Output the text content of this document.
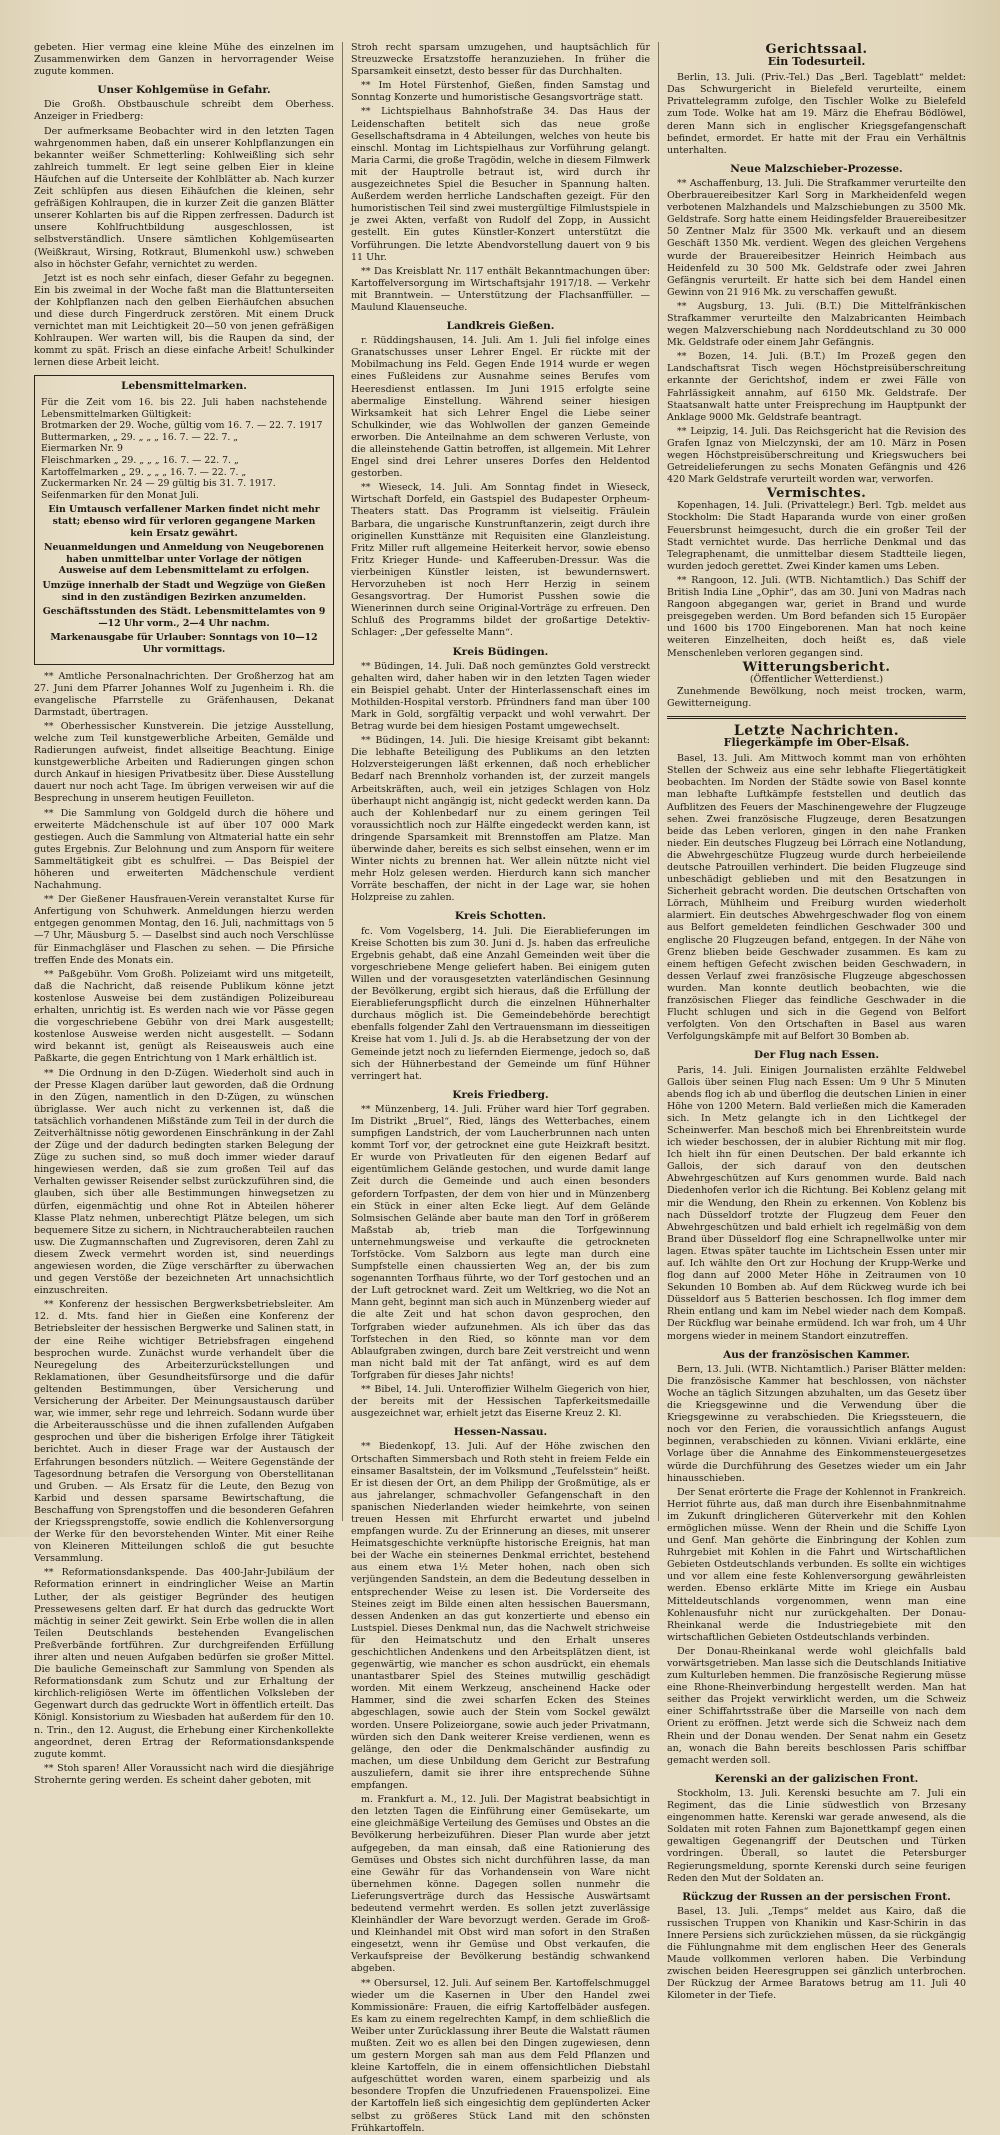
gebeten. Hier vermag eine kleine Mühe des einzelnen im Zusammenwirken dem Ganzen in hervorragender Weise zugute kommen.

Unser Kohlgemüse in Gefahr.

Die Großh. Obstbauschule schreibt dem Oberhess. Anzeiger in Friedberg:

Der aufmerksame Beobachter wird in den letzten Tagen wahrgenommen haben, daß ein unserer Kohlpflanzungen ein bekannter weißer Schmetterling: Kohlweißling sich sehr zahlreich tummelt. Er legt seine gelben Eier in kleine Häufchen auf die Unterseite der Kohlblätter ab. Nach kurzer Zeit schlüpfen aus diesen Eihäufchen die kleinen, sehr gefräßigen Kohlraupen, die in kurzer Zeit die ganzen Blätter unserer Kohlarten bis auf die Rippen zerfressen. Dadurch ist unsere Kohlfruchtbildung ausgeschlossen, ist selbstverständlich. Unsere sämtlichen Kohlgemüsearten (Weißkraut, Wirsing, Rotkraut, Blumenkohl usw.) schweben also in höchster Gefahr, vernichtet zu werden.

Jetzt ist es noch sehr einfach, dieser Gefahr zu begegnen. Ein bis zweimal in der Woche faßt man die Blattunterseiten der Kohlpflanzen nach den gelben Eierhäufchen absuchen und diese durch Fingerdruck zerstören. Mit einem Druck vernichtet man mit Leichtigkeit 20—50 von jenen gefräßigen Kohlraupen. Wer warten will, bis die Raupen da sind, der kommt zu spät. Frisch an diese einfache Arbeit! Schulkinder lernen diese Arbeit leicht.

Lebensmittelmarken.
Für die Zeit vom 16. bis 22. Juli haben nachstehende Lebensmittelmarken Gültigkeit:
Brotmarken der 29. Woche, gültig vom 16. 7. — 22. 7. 1917
Buttermarken, „ 29. „ „ „ 16. 7. — 22. 7. „
Eiermarken Nr. 9
Fleischmarken „ 29. „ „ „ 16. 7. — 22. 7. „
Kartoffelmarken „ 29. „ „ „ 16. 7. — 22. 7. „
Zuckermarken Nr. 24 — 29 gültig bis 31. 7. 1917.
Seifenmarken für den Monat Juli.
Ein Umtausch verfallener Marken findet nicht mehr statt; ebenso wird für verloren gegangene Marken kein Ersatz gewährt.
Neuanmeldungen und Anmeldung von Neugeborenen haben unmittelbar unter Vorlage der nötigen Ausweise auf dem Lebensmittelamt zu erfolgen.
Umzüge innerhalb der Stadt und Wegzüge von Gießen sind in den zuständigen Bezirken anzumelden.
Geschäftsstunden des Städt. Lebensmittelamtes von 9—12 Uhr vorm., 2—4 Uhr nachm.
Markenausgabe für Urlauber: Sonntags von 10—12 Uhr vormittags.

** Amtliche Personalnachrichten. Der Großherzog hat am 27. Juni dem Pfarrer Johannes Wolf zu Jugenheim i. Rh. die evangelische Pfarrstelle zu Gräfenhausen, Dekanat Darmstadt, übertragen.

** Oberhessischer Kunstverein. Die jetzige Ausstellung, welche zum Teil kunstgewerbliche Arbeiten, Gemälde und Radierungen aufweist, findet allseitige Beachtung. Einige kunstgewerbliche Arbeiten und Radierungen gingen schon durch Ankauf in hiesigen Privatbesitz über. Diese Ausstellung dauert nur noch acht Tage. Im übrigen verweisen wir auf die Besprechung in unserem heutigen Feuilleton.

** Die Sammlung von Goldgeld durch die höhere und erweiterte Mädchenschule ist auf über 107 000 Mark gestiegen. Auch die Sammlung von Altmaterial hatte ein sehr gutes Ergebnis. Zur Belohnung und zum Ansporn für weitere Sammeltätigkeit gibt es schulfrei. — Das Beispiel der höheren und erweiterten Mädchenschule verdient Nachahmung.

** Der Gießener Hausfrauen-Verein veranstaltet Kurse für Anfertigung von Schuhwerk. Anmeldungen hierzu werden entgegen genommen Montag, den 16. Juli, nachmittags von 5—7 Uhr, Mäusburg 5. — Daselbst sind auch noch Verschlüsse für Einmachgläser und Flaschen zu sehen. — Die Pfirsiche treffen Ende des Monats ein.

** Paßgebühr. Vom Großh. Polizeiamt wird uns mitgeteilt, daß die Nachricht, daß reisende Publikum könne jetzt kostenlose Ausweise bei dem zuständigen Polizeibureau erhalten, unrichtig ist. Es werden nach wie vor Pässe gegen die vorgeschriebene Gebühr von drei Mark ausgestellt; kostenlose Ausweise werden nicht ausgestellt. — Sodann wird bekannt ist, genügt als Reiseausweis auch eine Paßkarte, die gegen Entrichtung von 1 Mark erhältlich ist.

** Die Ordnung in den D-Zügen. Wiederholt sind auch in der Presse Klagen darüber laut geworden, daß die Ordnung in den Zügen, namentlich in den D-Zügen, zu wünschen übriglasse. Wer auch nicht zu verkennen ist, daß die tatsächlich vorhandenen Mißstände zum Teil in der durch die Zeitverhältnisse nötig gewordenen Einschränkung in der Zahl der Züge und der dadurch bedingten starken Belegung der Züge zu suchen sind, so muß doch immer wieder darauf hingewiesen werden, daß sie zum großen Teil auf das Verhalten gewisser Reisender selbst zurückzuführen sind, die glauben, sich über alle Bestimmungen hinwegsetzen zu dürfen, eigenmächtig und ohne Rot in Abteilen höherer Klasse Platz nehmen, unberechtigt Plätze belegen, um sich bequemere Sitze zu sichern, in Nichtraucherabteilen rauchen usw. Die Zugmannschaften und Zugrevisoren, deren Zahl zu diesem Zweck vermehrt worden ist, sind neuerdings angewiesen worden, die Züge verschärfter zu überwachen und gegen Verstöße der bezeichneten Art unnachsichtlich einzuschreiten.

** Konferenz der hessischen Bergwerksbetriebsleiter. Am 12. d. Mts. fand hier in Gießen eine Konferenz der Betriebsleiter der hessischen Bergwerke und Salinen statt, in der eine Reihe wichtiger Betriebsfragen eingehend besprochen wurde. Zunächst wurde verhandelt über die Neuregelung des Arbeiterzurückstellungen und Reklamationen, über Gesundheitsfürsorge und die dafür geltenden Bestimmungen, über Versicherung und Versicherung der Arbeiter. Der Meinungsaustausch darüber war, wie immer, sehr rege und lehrreich. Sodann wurde über die Arbeiterausschüsse und die ihnen zufallenden Aufgaben gesprochen und über die bisherigen Erfolge ihrer Tätigkeit berichtet. Auch in dieser Frage war der Austausch der Erfahrungen besonders nützlich. — Weitere Gegenstände der Tagesordnung betrafen die Versorgung von Oberstellitanan und Gruben. — Als Ersatz für die Leute, den Bezug von Karbid und dessen sparsame Bewirtschaftung, die Beschaffung von Sprengstoffen und die besonderen Gefahren der Kriegssprengstoffe, sowie endlich die Kohlenversorgung der Werke für den bevorstehenden Winter. Mit einer Reihe von Kleineren Mitteilungen schloß die gut besuchte Versammlung.

** Reformationsdankspende. Das 400-Jahr-Jubiläum der Reformation erinnert in eindringlicher Weise an Martin Luther, der als geistiger Begründer des heutigen Pressewesens gelten darf. Er hat durch das gedruckte Wort mächtig in seiner Zeit gewirkt. Sein Erbe wollen die in allen Teilen Deutschlands bestehenden Evangelischen Preßverbände fortführen. Zur durchgreifenden Erfüllung ihrer alten und neuen Aufgaben bedürfen sie großer Mittel. Die bauliche Gemeinschaft zur Sammlung von Spenden als Reformationsdank zum Schutz und zur Erhaltung der kirchlich-religiösen Werte im öffentlichen Volksleben der Gegenwart durch das gedruckte Wort in öffentlich erteilt. Das Königl. Konsistorium zu Wiesbaden hat außerdem für den 10. n. Trin., den 12. August, die Erhebung einer Kirchenkollekte angeordnet, deren Ertrag der Reformationsdankspende zugute kommt.

** Stoh sparen! Aller Voraussicht nach wird die diesjährige Strohernte gering werden. Es scheint daher geboten, mit

Stroh recht sparsam umzugehen, und hauptsächlich für Streuzwecke Ersatzstoffe heranzuziehen. In früher die Sparsamkeit einsetzt, desto besser für das Durchhalten.

** Im Hotel Fürstenhof, Gießen, finden Samstag und Sonntag Konzerte und humoristische Gesangsvorträge statt.

** Lichtspielhaus Bahnhofstraße 34. Das Haus der Leidenschaften betitelt sich das neue große Gesellschaftsdrama in 4 Abteilungen, welches von heute bis einschl. Montag im Lichtspielhaus zur Vorführung gelangt. Maria Carmi, die große Tragödin, welche in diesem Filmwerk mit der Hauptrolle betraut ist, wird durch ihr ausgezeichnetes Spiel die Besucher in Spannung halten. Außerdem werden herrliche Landschaften gezeigt. Für den humoristischen Teil sind zwei mustergültige Filmlustspiele in je zwei Akten, verfaßt von Rudolf del Zopp, in Aussicht gestellt. Ein gutes Künstler-Konzert unterstützt die Vorführungen. Die letzte Abendvorstellung dauert von 9 bis 11 Uhr.

** Das Kreisblatt Nr. 117 enthält Bekanntmachungen über: Kartoffelversorgung im Wirtschaftsjahr 1917/18. — Verkehr mit Branntwein. — Unterstützung der Flachsanffüller. — Maulund Klauenseuche.

Landkreis Gießen.

r. Rüddingshausen, 14. Juli. Am 1. Juli fiel infolge eines Granatschusses unser Lehrer Engel. Er rückte mit der Mobilmachung ins Feld. Gegen Ende 1914 wurde er wegen eines Fußleidens zur Ausnahme seines Berufes vom Heeresdienst entlassen. Im Juni 1915 erfolgte seine abermalige Einstellung. Während seiner hiesigen Wirksamkeit hat sich Lehrer Engel die Liebe seiner Schulkinder, wie das Wohlwollen der ganzen Gemeinde erworben. Die Anteilnahme an dem schweren Verluste, von die alleinstehende Gattin betroffen, ist allgemein. Mit Lehrer Engel sind drei Lehrer unseres Dorfes den Heldentod gestorben.

** Wieseck, 14. Juli. Am Sonntag findet in Wieseck, Wirtschaft Dorfeld, ein Gastspiel des Budapester Orpheum-Theaters statt. Das Programm ist vielseitig. Fräulein Barbara, die ungarische Kunstrunftanzerin, zeigt durch ihre originellen Kunsttänze mit Requisiten eine Glanzleistung. Fritz Miller ruft allgemeine Heiterkeit hervor, sowie ebenso Fritz Krieger Hunde- und Kaffeeruben-Dressur. Was die vierbeinigen Künstler leisten, ist bewundernswert. Hervorzuheben ist noch Herr Herzig in seinem Gesangsvortrag. Der Humorist Pusshen sowie die Wienerinnen durch seine Original-Vorträge zu erfreuen. Den Schluß des Programms bildet der großartige Detektiv-Schlager: „Der gefesselte Mann“.

Kreis Büdingen.

** Büdingen, 14. Juli. Daß noch gemünztes Gold verstreckt gehalten wird, daher haben wir in den letzten Tagen wieder ein Beispiel gehabt. Unter der Hinterlassenschaft eines im Mothilden-Hospital verstorb. Pfründners fand man über 100 Mark in Gold, sorgfältig verpackt und wohl verwahrt. Der Betrag wurde bei dem hiesigen Postamt umgewechselt.

** Büdingen, 14. Juli. Die hiesige Kreisamt gibt bekannt: Die lebhafte Beteiligung des Publikums an den letzten Holzversteigerungen läßt erkennen, daß noch erheblicher Bedarf nach Brennholz vorhanden ist, der zurzeit mangels Arbeitskräften, auch, weil ein jetziges Schlagen von Holz überhaupt nicht angängig ist, nicht gedeckt werden kann. Da auch der Kohlenbedarf nur zu einem geringen Teil voraussichtlich noch zur Hälfte eingedeckt werden kann, ist dringende Sparsamkeit mit Brennstoffen am Platze. Man überwinde daher, bereits es sich selbst einsehen, wenn er im Winter nichts zu brennen hat. Wer allein nützte nicht viel mehr Holz gelesen werden. Hierdurch kann sich mancher Vorräte beschaffen, der nicht in der Lage war, sie hohen Holzpreise zu zahlen.

Kreis Schotten.

fc. Vom Vogelsberg, 14. Juli. Die Eierablieferungen im Kreise Schotten bis zum 30. Juni d. Js. haben das erfreuliche Ergebnis gehabt, daß eine Anzahl Gemeinden weit über die vorgeschriebene Menge geliefert haben. Bei einigem guten Willen und der vorausgesetzten vaterländischen Gesinnung der Bevölkerung, ergibt sich hieraus, daß die Erfüllung der Eierablieferungspflicht durch die einzelnen Hühnerhalter durchaus möglich ist. Die Gemeindebehörde berechtigt ebenfalls folgender Zahl den Vertrauensmann im diesseitigen Kreise hat vom 1. Juli d. Js. ab die Herabsetzung der von der Gemeinde jetzt noch zu liefernden Eiermenge, jedoch so, daß sich der Hühnerbestand der Gemeinde um fünf Hühner verringert hat.

Kreis Friedberg.

** Münzenberg, 14. Juli. Früher ward hier Torf gegraben. Im Distrikt „Bruel“, Ried, längs des Wetterbaches, einem sumpfigen Landstrich, der vom Laucherbrunnen nach unten kommt Torf vor, der getrocknet eine gute Heizkraft besitzt. Er wurde von Privatleuten für den eigenen Bedarf auf eigentümlichem Gelände gestochen, und wurde damit lange Zeit durch die Gemeinde und auch einen besonders gefordern Torfpasten, der dem von hier und in Münzenberg ein Stück in einer alten Ecke liegt. Auf dem Gelände Solmsischen Gelände aber baute man den Torf in größerem Maßstab ab, trieb man die Torfgewinnung unternehmungsweise und verkaufte die getrockneten Torfstöcke. Vom Salzborn aus legte man durch eine Sumpfstelle einen chaussierten Weg an, der bis zum sogenannten Torfhaus führte, wo der Torf gestochen und an der Luft getrocknet ward. Zeit um Weltkrieg, wo die Not an Mann geht, beginnt man sich auch in Münzenberg wieder auf die alte Zeit und hat schon davon gesprochen, den Torfgraben wieder aufzunehmen. Als ich über das das Torfstechen in den Ried, so könnte man vor dem Ablaufgraben zwingen, durch bare Zeit verstreicht und wenn man nicht bald mit der Tat anfängt, wird es auf dem Torfgraben für dieses Jahr nichts!

** Bibel, 14. Juli. Unteroffizier Wilhelm Giegerich von hier, der bereits mit der Hessischen Tapferkeitsmedaille ausgezeichnet war, erhielt jetzt das Eiserne Kreuz 2. Kl.

Hessen-Nassau.

** Biedenkopf, 13. Juli. Auf der Höhe zwischen den Ortschaften Simmersbach und Roth steht in freiem Felde ein einsamer Basaltstein, der im Volksmund „Teufelsstein“ heißt. Er ist diesen der Ort, an dem Philipp der Großmütige, als er aus jahrelanger, schmachvoller Gefangenschaft in den spanischen Niederlanden wieder heimkehrte, von seinen treuen Hessen mit Ehrfurcht erwartet und jubelnd empfangen wurde. Zu der Erinnerung an dieses, mit unserer Heimatsgeschichte verknüpfte historische Ereignis, hat man bei der Wache ein steinernes Denkmal errichtet, bestehend aus einem etwa 1½ Meter hohen, nach oben sich verjüngenden Sandstein, an dem die Bedeutung desselben in entsprechender Weise zu lesen ist. Die Vorderseite des Steines zeigt im Bilde einen alten hessischen Bauersmann, dessen Andenken an das gut konzertierte und ebenso ein Lustspiel. Dieses Denkmal nun, das die Nachwelt strichweise für den Heimatschutz und den Erhalt unseres geschichtlichen Andenkens und den Arbeitsplätzen dient, ist gegenwärtig, wie mancher es schon ausdrückt, ein ehemals unantastbarer Spiel des Steines mutwillig geschädigt worden. Mit einem Werkzeug, anscheinend Hacke oder Hammer, sind die zwei scharfen Ecken des Steines abgeschlagen, sowie auch der Stein vom Sockel gewälzt worden. Unsere Polizeiorgane, sowie auch jeder Privatmann, würden sich den Dank weiterer Kreise verdienen, wenn es gelänge, den oder die Denkmalschänder ausfindig zu machen, um diese Unbildung dem Gericht zur Bestrafung auszuliefern, damit sie ihrer ihre entsprechende Sühne empfangen.

m. Frankfurt a. M., 12. Juli. Der Magistrat beabsichtigt in den letzten Tagen die Einführung einer Gemüsekarte, um eine gleichmäßige Verteilung des Gemüses und Obstes an die Bevölkerung herbeizuführen. Dieser Plan wurde aber jetzt aufgegeben, da man einsah, daß eine Rationierung des Gemüses und Obstes sich nicht durchführen lasse, da man eine Gewähr für das Vorhandensein von Ware nicht übernehmen könne. Dagegen sollen nunmehr die Lieferungsverträge durch das Hessische Auswärtsamt bedeutend vermehrt werden. Es sollen jetzt zuverlässige Kleinhändler der Ware bevorzugt werden. Gerade im Groß- und Kleinhandel mit Obst wird man sofort in den Straßen eingesetzt, wenn ihr Gemüse und Obst verkaufen, die Verkaufspreise der Bevölkerung beständig schwankend abgeben.

** Obersursel, 12. Juli. Auf seinem Ber. Kartoffelschmuggel wieder um die Kasernen in Uber den Handel zwei Kommissionäre: Frauen, die eifrig Kartoffelbäder ausfegen. Es kam zu einem regelrechten Kampf, in dem schließlich die Weiber unter Zurücklassung ihrer Beute die Walstatt räumen mußten. Zeit wo es allen bei den Dingen zugewiesen, denn um gestern Morgen sah man aus dem Feld Pflanzen und kleine Kartoffeln, die in einem offensichtlichen Diebstahl aufgeschüttet worden waren, einem sparbeizig und als besondere Tropfen die Unzufriedenen Frauenspolizei. Eine der Kartoffeln ließ sich eingesichtig dem geplünderten Acker selbst zu größeres Stück Land mit den schönsten Frühkartoffeln.

Gerichtssaal.
Ein Todesurteil.

Berlin, 13. Juli. (Priv.-Tel.) Das „Berl. Tageblatt“ meldet: Das Schwurgericht in Bielefeld verurteilte, einem Privattelegramm zufolge, den Tischler Wolke zu Bielefeld zum Tode. Wolke hat am 19. März die Ehefrau Bödlöwel, deren Mann sich in englischer Kriegsgefangenschaft befindet, ermordet. Er hatte mit der Frau ein Verhältnis unterhalten.

Neue Malzschieber-Prozesse.

** Aschaffenburg, 13. Juli. Die Strafkammer verurteilte den Oberbrauereibesitzer Karl Sorg in Markheidenfeld wegen verbotenen Malzhandels und Malzschiebungen zu 3500 Mk. Geldstrafe. Sorg hatte einem Heidingsfelder Brauereibesitzer 50 Zentner Malz für 3500 Mk. verkauft und an diesem Geschäft 1350 Mk. verdient. Wegen des gleichen Vergehens wurde der Brauereibesitzer Heinrich Heimbach aus Heidenfeld zu 30 500 Mk. Geldstrafe oder zwei Jahren Gefängnis verurteilt. Er hatte sich bei dem Handel einen Gewinn von 21 916 Mk. zu verschaffen gewußt.

** Augsburg, 13. Juli. (B.T.) Die Mittelfränkischen Strafkammer verurteilte den Malzabricanten Heimbach wegen Malzverschiebung nach Norddeutschland zu 30 000 Mk. Geldstrafe oder einem Jahr Gefängnis.

** Bozen, 14. Juli. (B.T.) Im Prozeß gegen den Landschaftsrat Tisch wegen Höchstpreisüberschreitung erkannte der Gerichtshof, indem er zwei Fälle von Fahrlässigkeit annahm, auf 6150 Mk. Geldstrafe. Der Staatsanwalt hatte unter Freisprechung im Hauptpunkt der Anklage 9000 Mk. Geldstrafe beantragt.

** Leipzig, 14. Juli. Das Reichsgericht hat die Revision des Grafen Ignaz von Mielczynski, der am 10. März in Posen wegen Höchstpreisüberschreitung und Kriegswuchers bei Getreidelieferungen zu sechs Monaten Gefängnis und 426 420 Mark Geldstrafe verurteilt worden war, verworfen.

Vermischtes.

Kopenhagen, 14. Juli. (Privattelegr.) Berl. Tgb. meldet aus Stockholm: Die Stadt Haparanda wurde von einer großen Feuersbrunst heimgesucht, durch die ein großer Teil der Stadt vernichtet wurde. Das herrliche Denkmal und das Telegraphenamt, die unmittelbar diesem Stadtteile liegen, wurden jedoch gerettet. Zwei Kinder kamen ums Leben.

** Rangoon, 12. Juli. (WTB. Nichtamtlich.) Das Schiff der British India Line „Ophir“, das am 30. Juni von Madras nach Rangoon abgegangen war, geriet in Brand und wurde preisgegeben werden. Um Bord befanden sich 15 Europäer und 1600 bis 1700 Eingeborenen. Man hat noch keine weiteren Einzelheiten, doch heißt es, daß viele Menschenleben verloren gegangen sind.

Witterungsbericht.
(Öffentlicher Wetterdienst.)

Zunehmende Bewölkung, noch meist trocken, warm, Gewitterneigung.

Letzte Nachrichten.
Fliegerkämpfe im Ober-Elsaß.

Basel, 13. Juli. Am Mittwoch kommt man von erhöhten Stellen der Schweiz aus eine sehr lebhafte Fliegertätigkeit beobachten. Im Norden der Städte sowie von Basel konnte man lebhafte Luftkämpfe feststellen und deutlich das Aufblitzen des Feuers der Maschinengewehre der Flugzeuge sehen. Zwei französische Flugzeuge, deren Besatzungen beide das Leben verloren, gingen in den nahe Franken nieder. Ein deutsches Flugzeug bei Lörrach eine Notlandung, die Abwehrgeschütze Flugzeug wurde durch herbeieilende deutsche Patrouillen verhindert. Die beiden Flugzeuge sind unbeschädigt geblieben und mit den Besatzungen in Sicherheit gebracht worden. Die deutschen Ortschaften von Lörrach, Mühlheim und Freiburg wurden wiederholt alarmiert. Ein deutsches Abwehrgeschwader flog von einem aus Belfort gemeldeten feindlichen Geschwader 300 und englische 20 Flugzeugen befand, entgegen. In der Nähe von Grenz blieben beide Geschwader zusammen. Es kam zu einem heftigen Gefecht zwischen beiden Geschwadern, in dessen Verlauf zwei französische Flugzeuge abgeschossen wurden. Man konnte deutlich beobachten, wie die französischen Flieger das feindliche Geschwader in die Flucht schlugen und sich in die Gegend von Belfort verfolgten. Von den Ortschaften in Basel aus waren Verfolgungskämpfe mit auf Belfort 30 Bomben ab.

Der Flug nach Essen.

Paris, 14. Juli. Einigen Journalisten erzählte Feldwebel Gallois über seinen Flug nach Essen: Um 9 Uhr 5 Minuten abends flog ich ab und überflog die deutschen Linien in einer Höhe von 1200 Metern. Bald verließen mich die Kameraden sich. In Metz gelangte ich in den Lichtkegel der Scheinwerfer. Man beschoß mich bei Ehrenbreitstein wurde ich wieder beschossen, der in alubier Richtung mit mir flog. Ich hielt ihn für einen Deutschen. Der bald erkannte ich Gallois, der sich darauf von den deutschen Abwehrgeschützen auf Kurs genommen wurde. Bald nach Diedenhofen verlor ich die Richtung. Bei Koblenz gelang mit mir die Wendung, den Rhein zu erkennen. Von Koblenz bis nach Düsseldorf trotzte der Flugzeug dem Feuer den Abwehrgeschützen und bald erhielt ich regelmäßig von dem Brand über Düsseldorf flog eine Schrapnellwolke unter mir lagen. Etwas später tauchte im Lichtschein Essen unter mir auf. Ich wählte den Ort zur Hochung der Krupp-Werke und flog dann auf 2000 Meter Höhe in Zeitraumen von 10 Sekunden 10 Bomben ab. Auf dem Rückweg wurde ich bei Düsseldorf aus 5 Batterien beschossen. Ich flog immer dem Rhein entlang und kam im Nebel wieder nach dem Kompaß. Der Rückflug war beinahe ermüdend. Ich war froh, um 4 Uhr morgens wieder in meinem Standort einzutreffen.

Aus der französischen Kammer.

Bern, 13. Juli. (WTB. Nichtamtlich.) Pariser Blätter melden: Die französische Kammer hat beschlossen, von nächster Woche an täglich Sitzungen abzuhalten, um das Gesetz über die Kriegsgewinne und die Verwendung über die Kriegsgewinne zu verabschieden. Die Kriegssteuern, die noch vor den Ferien, die voraussichtlich anfangs August beginnen, verabschieden zu können. Viviani erklärte, eine Vorlage über die Annahme des Einkommensteuergesetzes würde die Durchführung des Gesetzes wieder um ein Jahr hinausschieben.

Der Senat erörterte die Frage der Kohlennot in Frankreich. Herriot führte aus, daß man durch ihre Eisenbahnmitnahme im Zukunft dringlicheren Güterverkehr mit den Kohlen ermöglichen müsse. Wenn der Rhein und die Schiffe Lyon und Genf. Man gehörte die Einbringung der Kohlen zum Ruhrgebiet mit Kohlen in die Fahrt und Wirtschaftlichen Gebieten Ostdeutschlands verbunden. Es sollte ein wichtiges und vor allem eine feste Kohlenversorgung gewährleisten werden. Ebenso erklärte Mitte im Kriege ein Ausbau Mitteldeutschlands vorgenommen, wenn man eine Kohlenausfuhr nicht nur zurückgehalten. Der Donau-Rheinkanal werde die Industriegebiete mit den wirtschaftlichen Gebieten Ostdeutschlands verbinden.

Der Donau-Rheinkanal werde wohl gleichfalls bald vorwärtsgetrieben. Man lasse sich die Deutschlands Initiative zum Kulturleben hemmen. Die französische Regierung müsse eine Rhone-Rheinverbindung hergestellt werden. Man hat seither das Projekt verwirklicht werden, um die Schweiz einer Schiffahrtsstraße über die Marseille von nach dem Orient zu eröffnen. Jetzt werde sich die Schweiz nach dem Rhein und der Donau wenden. Der Senat nahm ein Gesetz an, wonach die Bahn bereits beschlossen Paris schiffbar gemacht werden soll.

Kerenski an der galizischen Front.

Stockholm, 13. Juli. Kerenski besuchte am 7. Juli ein Regiment, das die Linie südwestlich von Brzesany eingenommen hatte. Kerenski war gerade anwesend, als die Soldaten mit roten Fahnen zum Bajonettkampf gegen einen gewaltigen Gegenangriff der Deutschen und Türken vordringen. Überall, so lautet die Petersburger Regierungsmeldung, spornte Kerenski durch seine feurigen Reden den Mut der Soldaten an.

Rückzug der Russen an der persischen Front.

Basel, 13. Juli. „Temps“ meldet aus Kairo, daß die russischen Truppen von Khanikin und Kasr-Schirin in das Innere Persiens sich zurückziehen müssen, da sie rückgängig die Fühlungnahme mit dem englischen Heer des Generals Maude vollkommen verloren haben. Die Verbindung zwischen beiden Heeresgruppen sei gänzlich unterbrochen. Der Rückzug der Armee Baratows betrug am 11. Juli 40 Kilometer in der Tiefe.
